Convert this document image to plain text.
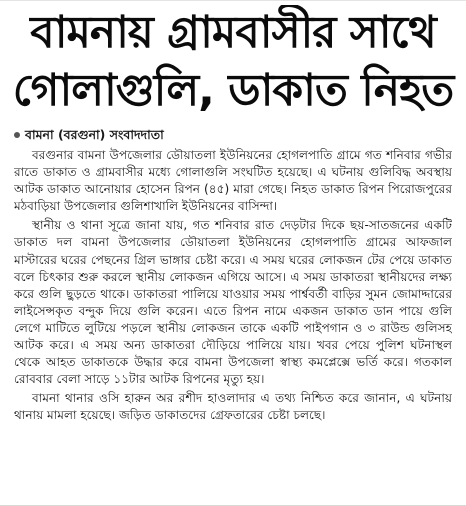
বামনায় গ্রামবাসীর সাথে
গোলাগুলি, ডাকাত নিহত
বামনা (বরগুনা) সংবাদদাতা

বরগুনার বামনা উপজেলার ডৌয়াতলা ইউনিয়নের হোগলপাতি গ্রামে গত শনিবার গভীর রাতে ডাকাত ও গ্রামবাসীর মধ্যে গোলাগুলি সংঘটিত হয়েছে। এ ঘটনায় গুলিবিদ্ধ অবস্থায় আটক ডাকাত আনোয়ার হোসেন রিপন (৪৫) মারা গেছে। নিহত ডাকাত রিপন পিরোজপুরের মঠবাড়িয়া উপজেলার গুলিশাখালি ইউনিয়নের বাসিন্দা।

স্থানীয় ও থানা সূত্রে জানা যায়, গত শনিবার রাত দেড়টার দিকে ছয়-সাতজনের একটি ডাকাত দল বামনা উপজেলার ডৌয়াতলা ইউনিয়নের হোগলপাতি গ্রামের আফজাল মাস্টারের ঘরের পেছনের গ্রিল ভাঙ্গার চেষ্টা করে। এ সময় ঘরের লোকজন টের পেয়ে ডাকাত বলে চিৎকার শুরু করলে স্থানীয় লোকজন এগিয়ে আসে। এ সময় ডাকাতরা স্থানীয়দের লক্ষ্য করে গুলি ছুড়তে থাকে। ডাকাতরা পালিয়ে যাওয়ার সময় পার্শ্ববর্তী বাড়ির সুমন জোমাদ্দারের লাইসেন্সকৃত বন্দুক দিয়ে গুলি করেন। এতে রিপন নামে একজন ডাকাত ডান পায়ে গুলি লেগে মাটিতে লুটিয়ে পড়লে স্থানীয় লোকজন তাকে একটি পাইপগান ও ৩ রাউন্ড গুলিসহ আটক করে। এ সময় অন্য ডাকাতরা দৌড়িয়ে পালিয়ে যায়। খবর পেয়ে পুলিশ ঘটনাস্থল থেকে আহত ডাকাতকে উদ্ধার করে বামনা উপজেলা স্বাস্থ্য কমপ্লেক্সে ভর্তি করে। গতকাল রোববার বেলা সাড়ে ১১টার আটক রিপনের মৃত্যু হয়।

বামনা থানার ওসি হারুন অর রশীদ হাওলাদার এ তথ্য নিশ্চিত করে জানান, এ ঘটনায় থানায় মামলা হয়েছে। জড়িত ডাকাতদের গ্রেফতারের চেষ্টা চলছে।
